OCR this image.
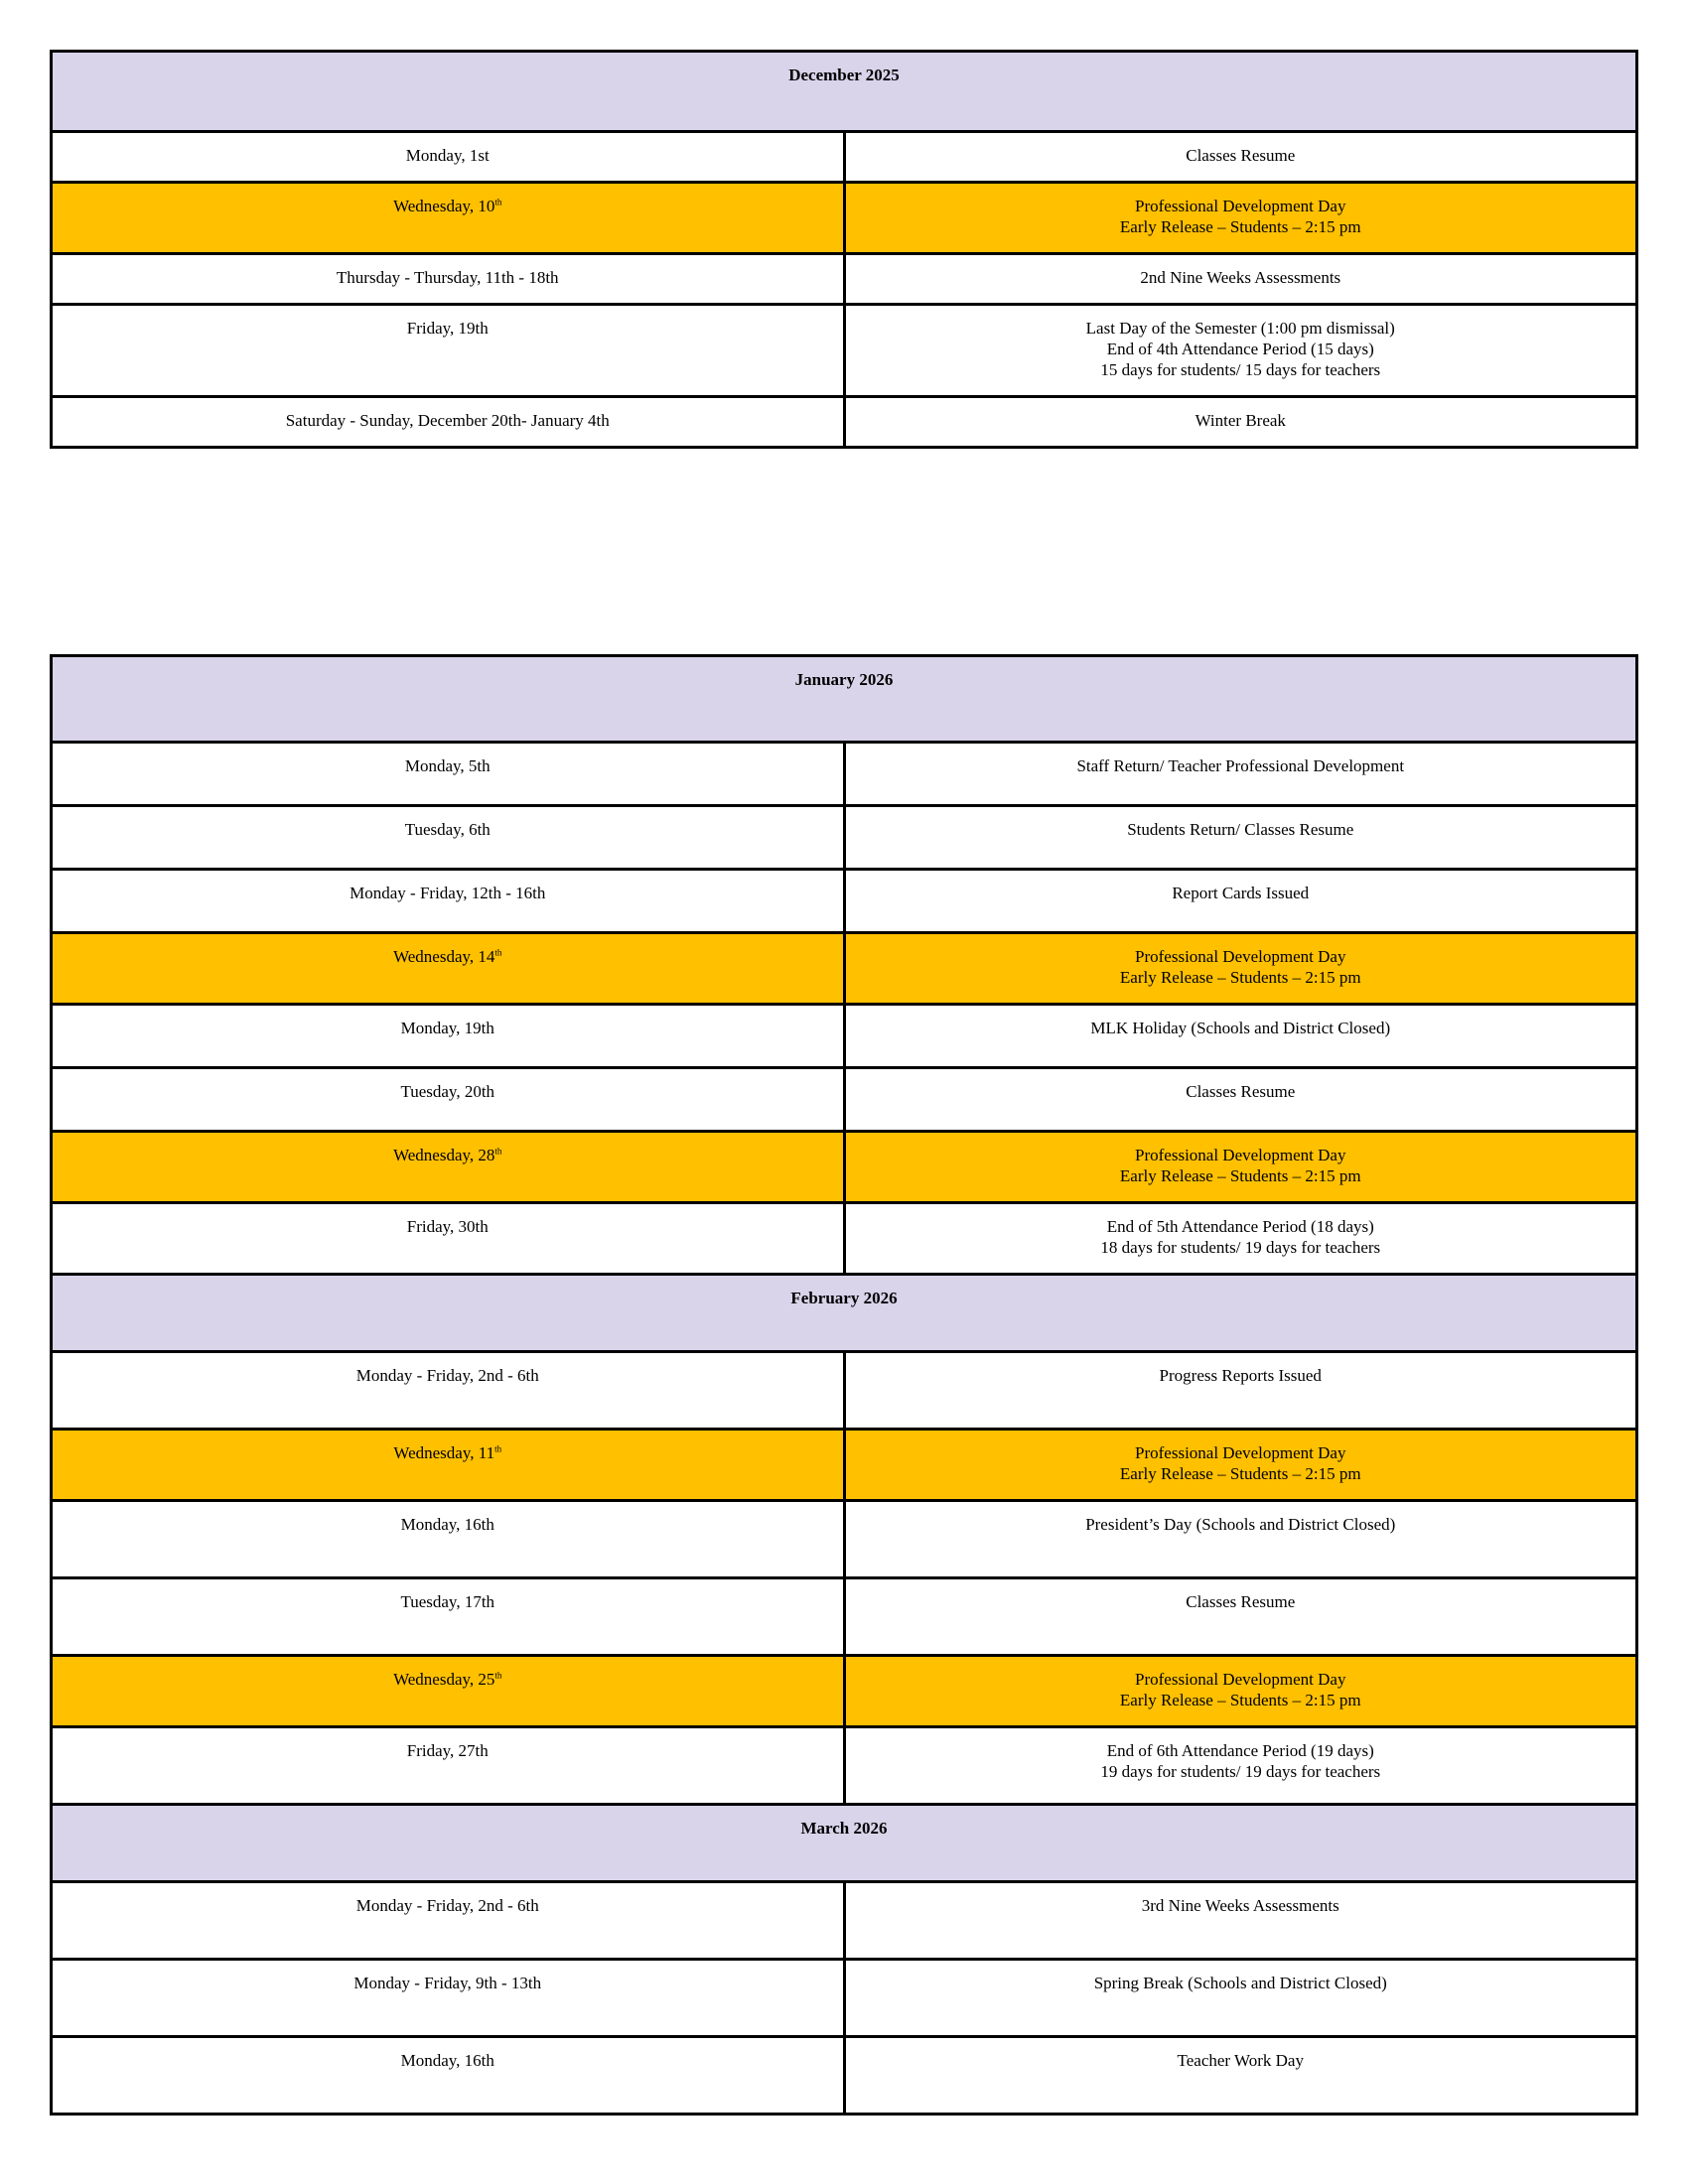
December 2025	
Monday, 1st	Classes Resume

Wednesday, 10th	Professional Development Day
Early Release – Students – 2:15 pm

Thursday - Thursday, 11th - 18th	2nd Nine Weeks Assessments

Friday, 19th	Last Day of the Semester (1:00 pm dismissal)
End of 4th Attendance Period (15 days)
15 days for students/ 15 days for teachers

Saturday - Sunday, December 20th- January 4th	Winter Break
January 2026	
Monday, 5th	Staff Return/ Teacher Professional Development

Tuesday, 6th	Students Return/ Classes Resume

Monday - Friday, 12th - 16th	Report Cards Issued

Wednesday, 14th	Professional Development Day
Early Release – Students – 2:15 pm

Monday, 19th	MLK Holiday (Schools and District Closed)

Tuesday, 20th	Classes Resume

Wednesday, 28th	Professional Development Day
Early Release – Students – 2:15 pm

Friday, 30th	End of 5th Attendance Period (18 days)
18 days for students/ 19 days for teachers

February 2026	
Monday - Friday, 2nd - 6th	Progress Reports Issued

Wednesday, 11th	Professional Development Day
Early Release – Students – 2:15 pm

Monday, 16th	President’s Day (Schools and District Closed)

Tuesday, 17th	Classes Resume

Wednesday, 25th	Professional Development Day
Early Release – Students – 2:15 pm

Friday, 27th	End of 6th Attendance Period (19 days)
19 days for students/ 19 days for teachers

March 2026	
Monday - Friday, 2nd - 6th	3rd Nine Weeks Assessments

Monday - Friday, 9th - 13th	Spring Break (Schools and District Closed)

Monday, 16th	Teacher Work Day
